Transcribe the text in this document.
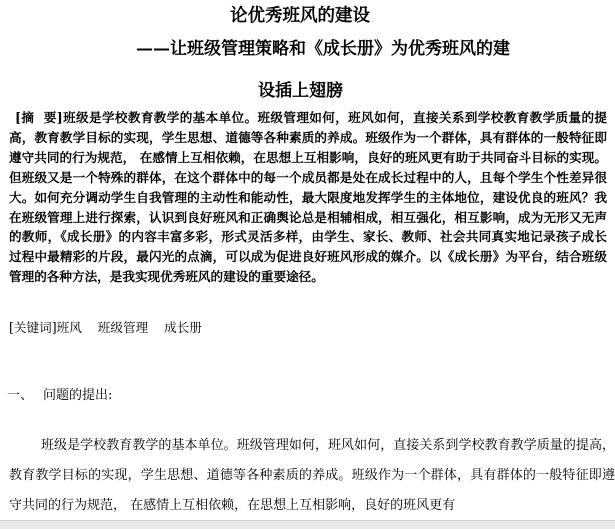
论优秀班风的建设
——让班级管理策略和《成长册》为优秀班风的建
设插上翅膀
[摘  要]班级是学校教育教学的基本单位。班级管理如何，班风如何，直接关系到学校教育教学质量的提高，教育教学目标的实现，学生思想、道德等各种素质的养成。班级作为一个群体，具有群体的一般特征即遵守共同的行为规范， 在感情上互相依赖，在思想上互相影响，良好的班风更有助于共同奋斗目标的实现。但班级又是一个特殊的群体，在这个群体中的每一个成员都是处在成长过程中的人，且每个学生个性差异很大。如何充分调动学生自我管理的主动性和能动性，最大限度地发挥学生的主体地位，建设优良的班风？我在班级管理上进行探索，认识到良好班风和正确舆论总是相辅相成，相互强化，相互影响，成为无形又无声的教师，《成长册》的内容丰富多彩，形式灵活多样，由学生、家长、教师、社会共同真实地记录孩子成长过程中最精彩的片段，最闪光的点滴，可以成为促进良好班风形成的媒介。以《成长册》为平台，结合班级管理的各种方法，是我实现优秀班风的建设的重要途径。
[关键词]班风 班级管理 成长册
一、 问题的提出:
班级是学校教育教学的基本单位。班级管理如何，班风如何，直接关系到学校教育教学质量的提高，教育教学目标的实现，学生思想、道德等各种素质的养成。班级作为一个群体，具有群体的一般特征即遵守共同的行为规范， 在感情上互相依赖，在思想上互相影响，良好的班风更有
